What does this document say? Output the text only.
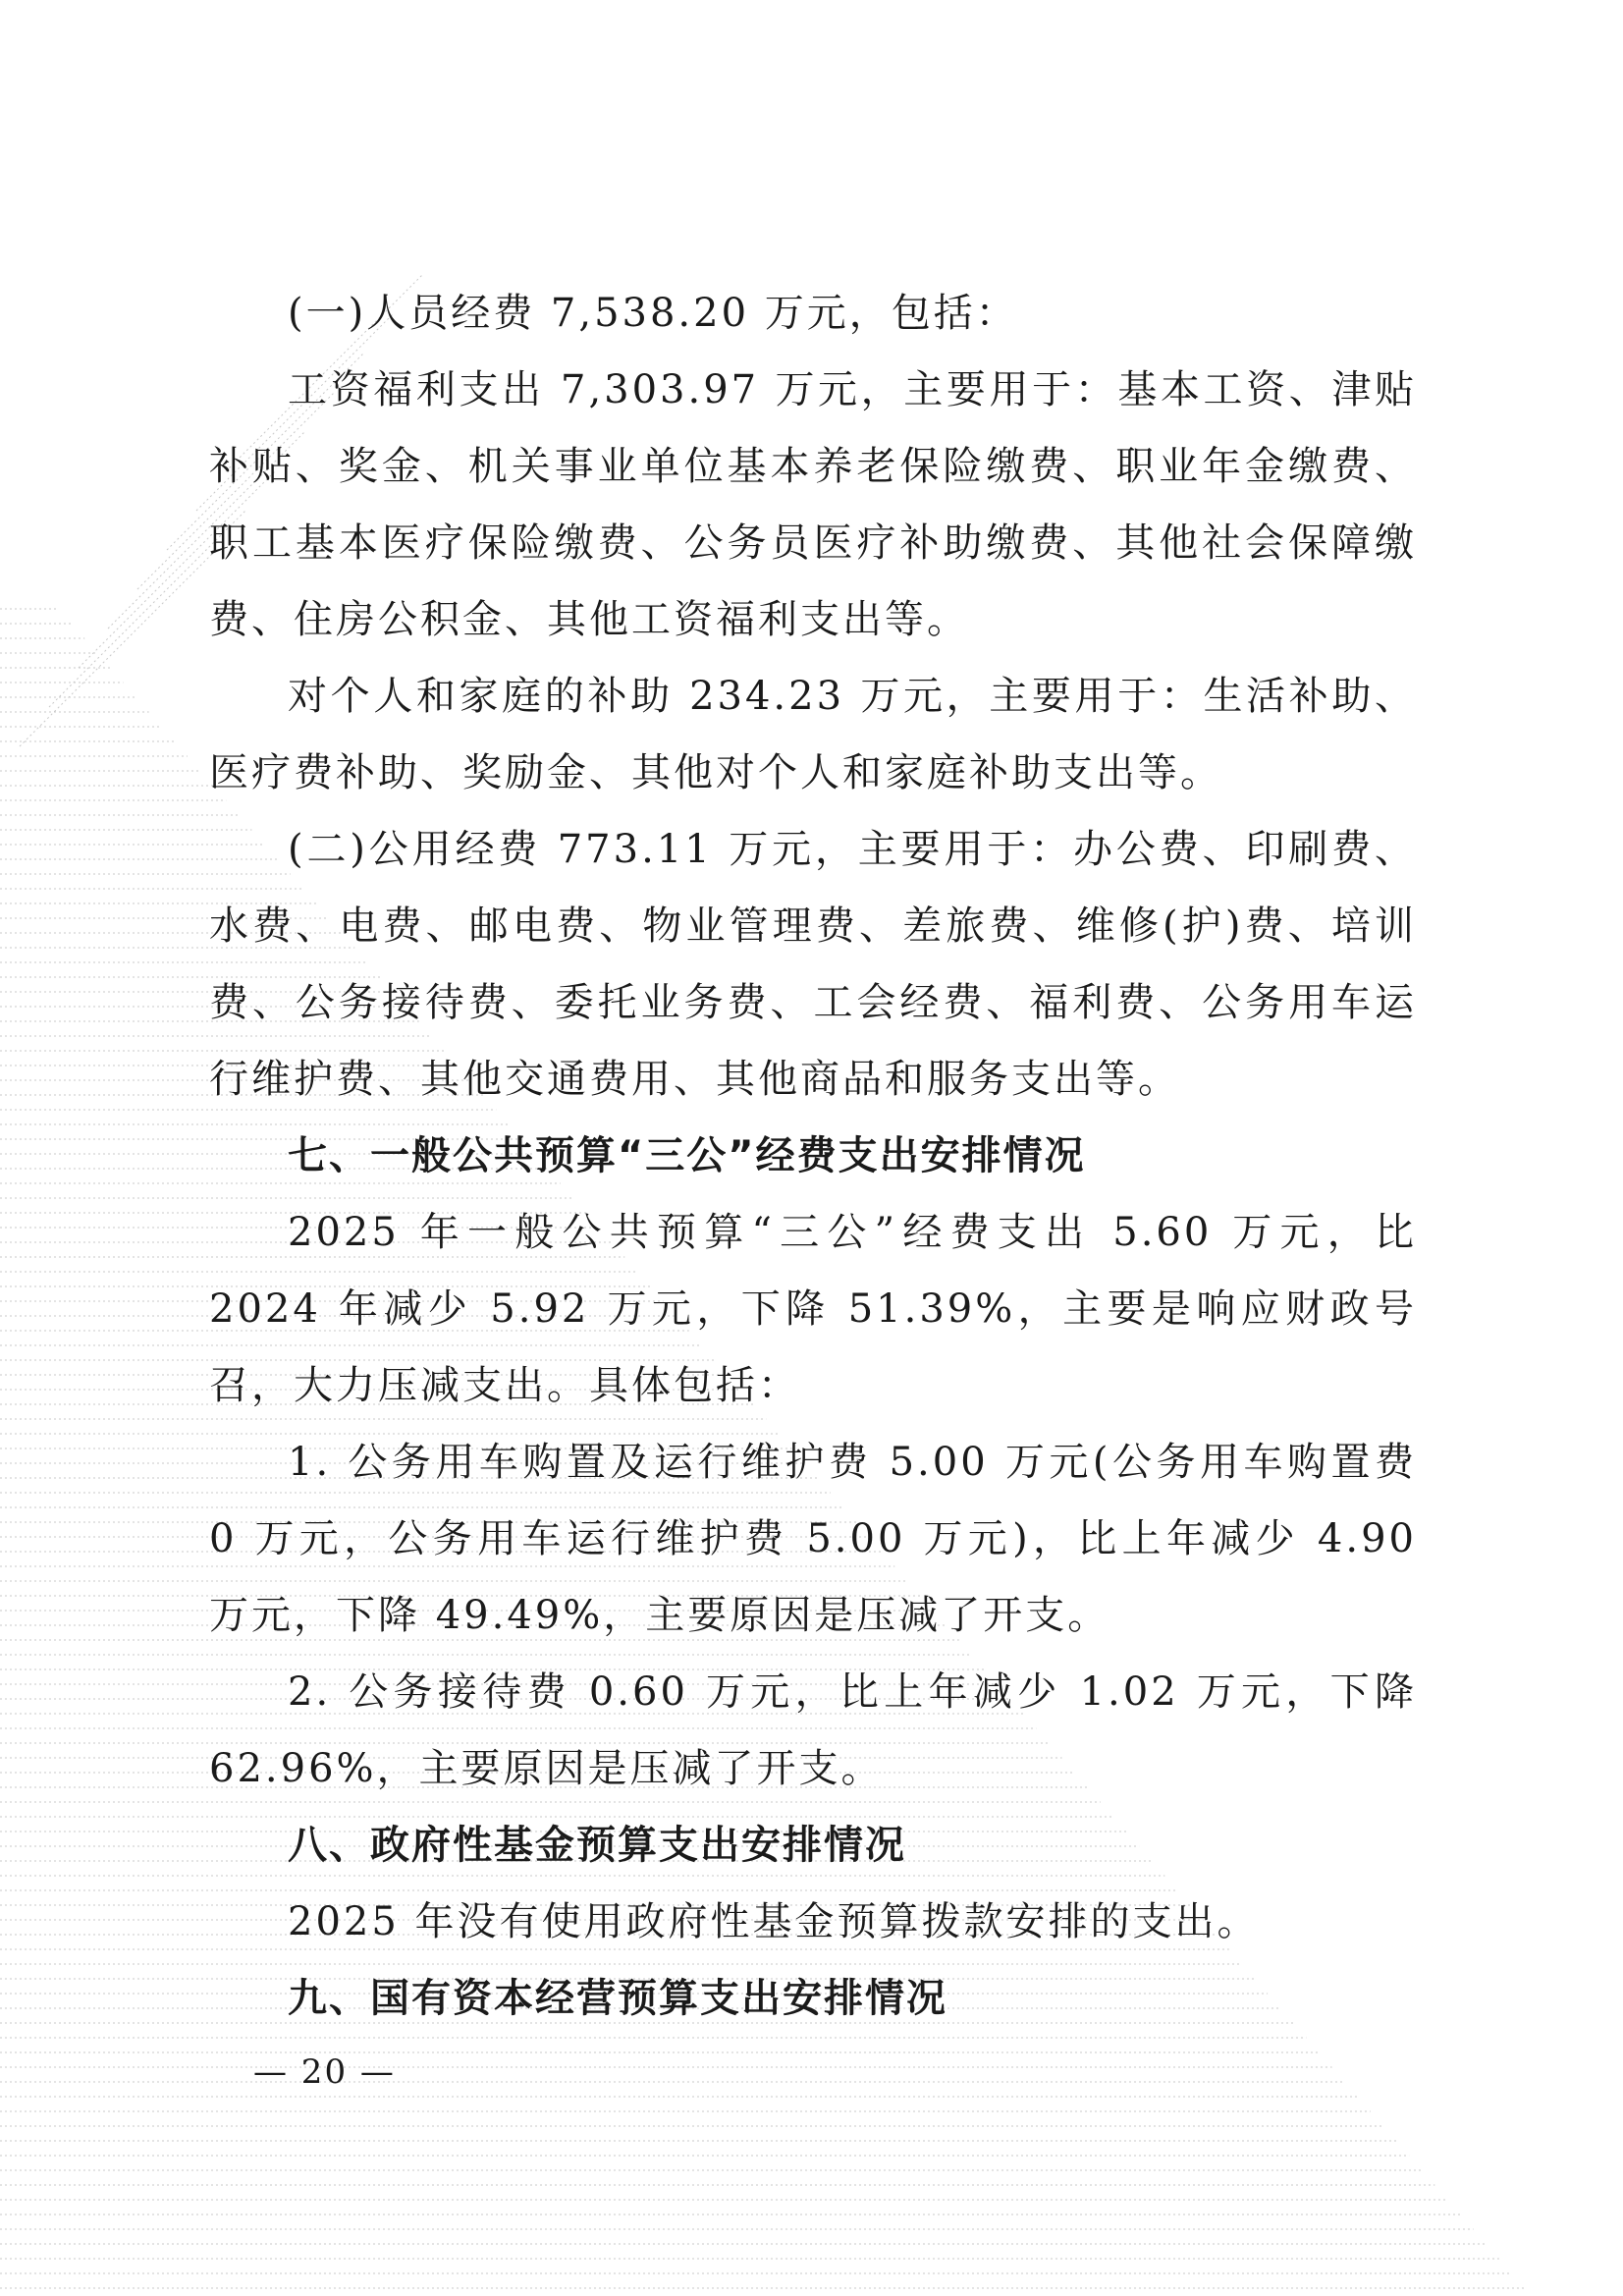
(一)人员经费 7,538.20 万元，包括：

工资福利支出 7,303.97 万元，主要用于：基本工资、津贴补贴、奖金、机关事业单位基本养老保险缴费、职业年金缴费、职工基本医疗保险缴费、公务员医疗补助缴费、其他社会保障缴费、住房公积金、其他工资福利支出等。

对个人和家庭的补助 234.23 万元，主要用于：生活补助、医疗费补助、奖励金、其他对个人和家庭补助支出等。

(二)公用经费 773.11 万元，主要用于：办公费、印刷费、水费、电费、邮电费、物业管理费、差旅费、维修(护)费、培训费、公务接待费、委托业务费、工会经费、福利费、公务用车运行维护费、其他交通费用、其他商品和服务支出等。

七、一般公共预算“三公”经费支出安排情况

2025 年一般公共预算“三公”经费支出 5.60 万元，比 2024 年减少 5.92 万元，下降 51.39%，主要是响应财政号召，大力压减支出。具体包括：

1. 公务用车购置及运行维护费 5.00 万元(公务用车购置费 0 万元，公务用车运行维护费 5.00 万元)，比上年减少 4.90 万元，下降 49.49%，主要原因是压减了开支。

2. 公务接待费 0.60 万元，比上年减少 1.02 万元，下降 62.96%，主要原因是压减了开支。

八、政府性基金预算支出安排情况

2025 年没有使用政府性基金预算拨款安排的支出。

九、国有资本经营预算支出安排情况

— 20 —
